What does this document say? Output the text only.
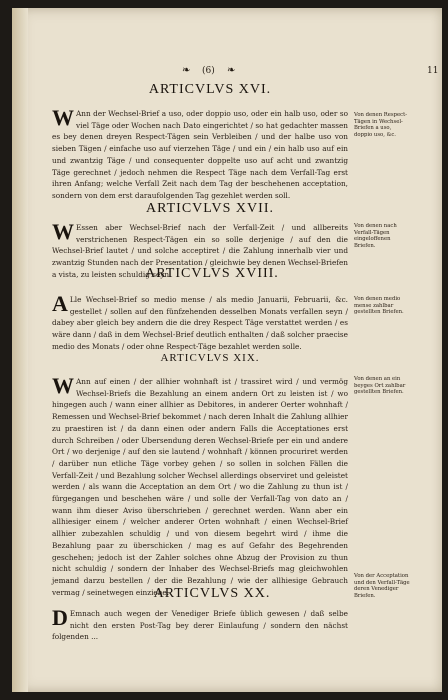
❧ (6) ❧	11
ARTICVLVS XVI.
W Ann der Wechsel-Brief a uso, oder doppio uso, oder ein halb uso, oder so viel Täge oder Wochen nach Dato eingerichtet / so hat gedachter massen es bey denen dreyen Respect-Tägen sein Verbleiben / und der halbe uso von sieben Tägen / einfache uso auf vierzehen Täge / und ein / ein halb uso auf ein und zwantzig Täge / und consequenter doppelte uso auf acht und zwantzig Täge gerechnet / jedoch nehmen die Respect Täge nach dem Verfall-Tag erst ihren Anfang; welche Verfall Zeit nach dem Tag der beschehenen acceptation, sondern von dem erst daraufolgenden Tag gezehlet werden soll.
Von denen Respect-Tägen in Wechsel-Briefen a uso, doppio uso, &c.
ARTICVLVS XVII.
W Essen aber Wechsel-Brief nach der Verfall-Zeit / und allbereits verstrichenen Respect-Tägen ein so solle derjenige / auf den die Wechsel-Brief lautet / und solche acceptiret / die Zahlung innerhalb vier und zwantzig Stunden nach der Presentation / gleichwie bey denen Wechsel-Briefen a vista, zu leisten schuldig seyn.
Von denen nach Verfall-Tägen eingeloffenen Briefen.
ARTICVLVS XVIII.
A Lle Wechsel-Brief so medio mense / als medio Januarii, Februarii, &c. gestellet / sollen auf den fünfzehenden desselben Monats verfallen seyn / dabey aber gleich bey andern die die drey Respect Täge verstattet werden / es wäre dann / daß in dem Wechsel-Brief deutlich enthalten / daß solcher praecise medio des Monats / oder ohne Respect-Täge bezahlet werden solle.
Von denen medio mense zahlbar gestellten Briefen.
ARTICVLVS XIX.
W Ann auf einen / der allhier wohnhaft ist / trassiret wird / und vermög Wechsel-Briefs die Bezahlung an einem andern Ort zu leisten ist / wo hingegen auch / wann einer allhier as Debitores, in anderer Oerter wohnhaft / Remessen und Wechsel-Brief bekommet / nach deren Inhalt die Zahlung allhier zu praestiren ist / da dann einen oder andern Falls die Acceptationes erst durch Schreiben / oder Ubersendung deren Wechsel-Briefe per ein und andere Ort / wo derjenige / auf den sie lautend / wohnhaft / können procuriret werden / darüber nun etliche Täge vorbey gehen / so sollen in solchen Fällen die Verfall-Zeit / und Bezahlung solcher Wechsel allerdings observiret und geleistet werden / als wann die Acceptation an dem Ort / wo die Zahlung zu thun ist / fürgegangen und beschehen wäre / und solle der Verfall-Tag von dato an / wann ihm dieser Aviso überschrieben / gerechnet werden. Wann aber ein allhiesiger einem / welcher anderer Orten wohnhaft / einen Wechsel-Brief allhier zubezahlen schuldig / und von diesem begehrt wird / ihme die Bezahlung paar zu überschicken / mag es auf Gefahr des Begehrenden geschehen; jedoch ist der Zahler solches ohne Abzug der Provision zu thun nicht schuldig / sondern der Inhaber des Wechsel-Briefs mag gleichwohlen jemand darzu bestellen / der die Bezahlung / wie der allhiesige Gebrauch vermag / seinetwegen einziehe.
Von denen an ein beyges Ort zahlbar gestellten Briefen.
ARTICVLVS XX.
D Emnach auch wegen der Venediger Briefe üblich gewesen / daß selbe nicht den ersten Post-Tag bey derer Einlaufung / sondern den nächst folgenden ...
Von der Acceptation und den Verfall-Täge deren Venediger Briefen.
